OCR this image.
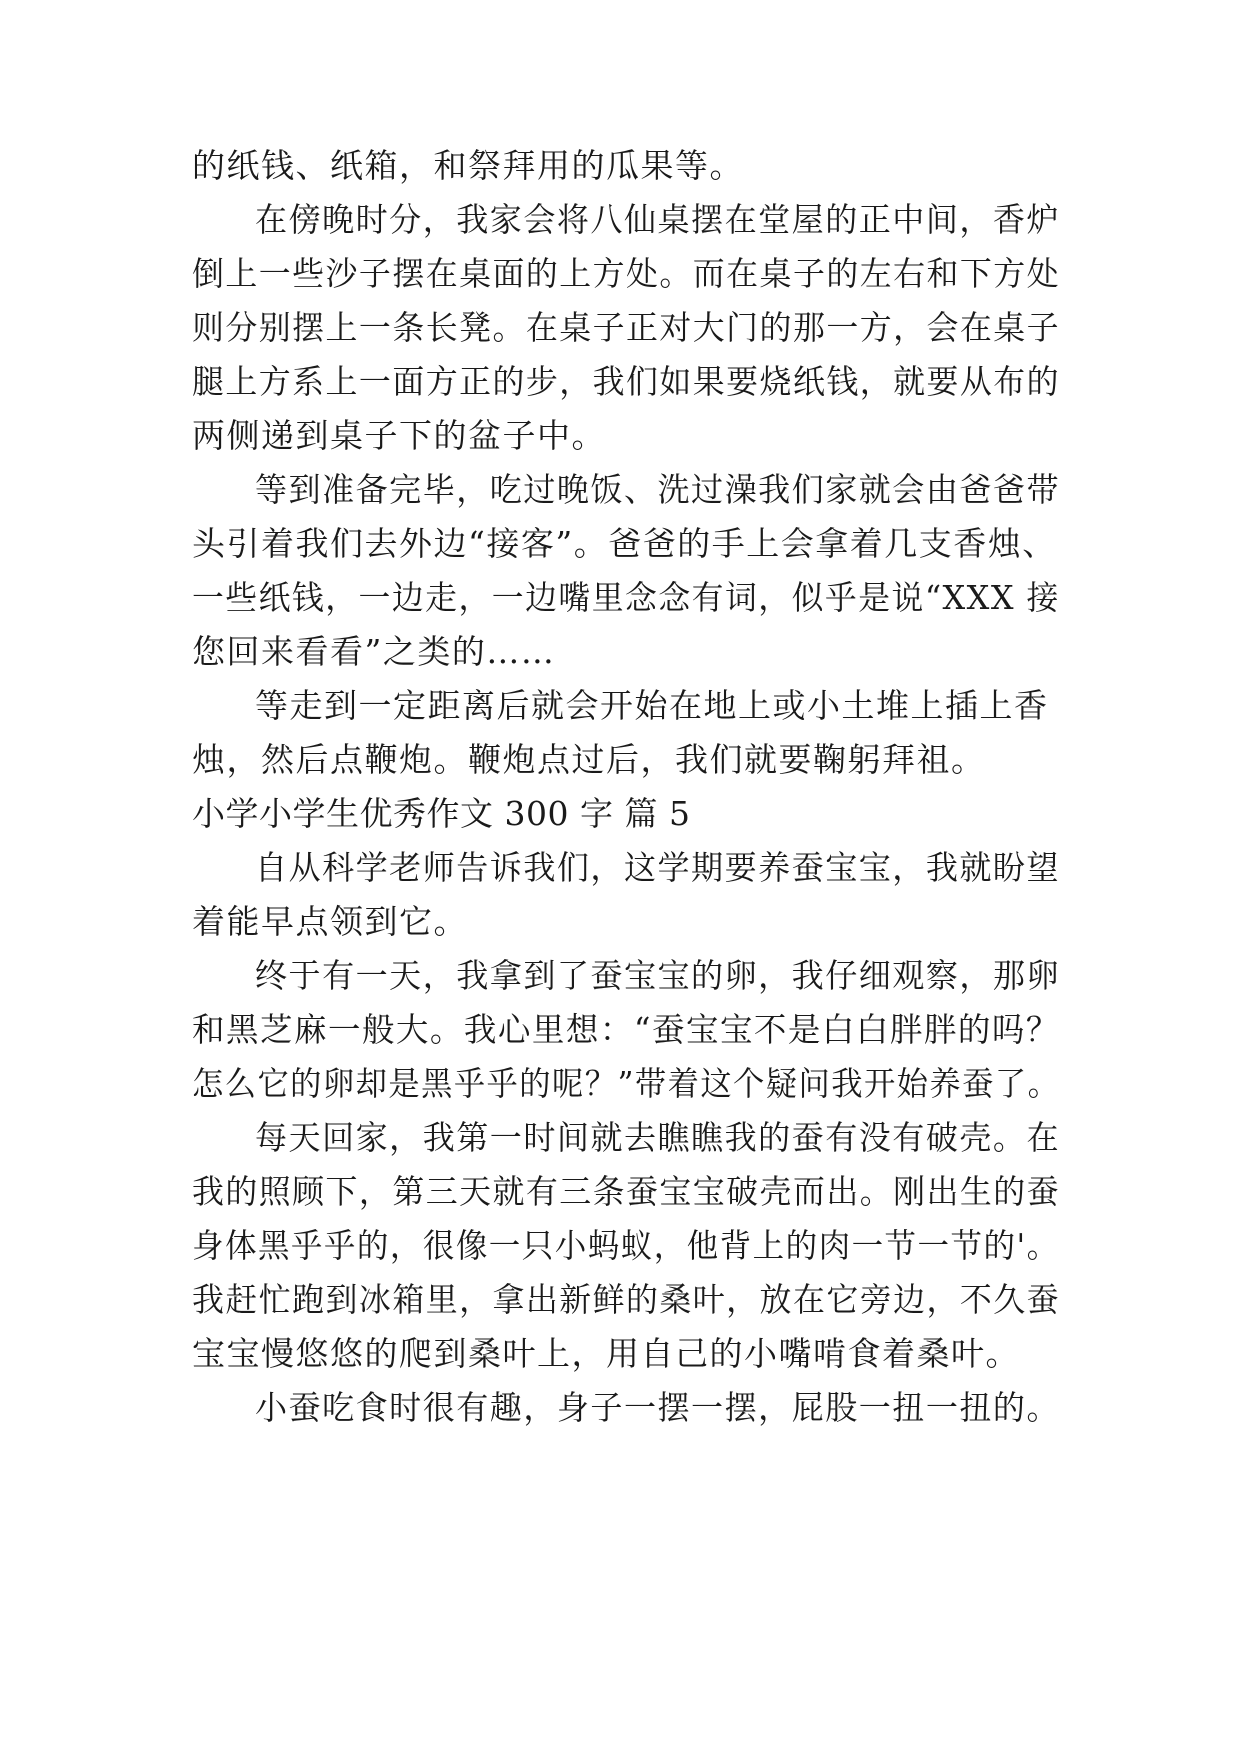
的纸钱、纸箱，和祭拜用的瓜果等。
在傍晚时分，我家会将八仙桌摆在堂屋的正中间，香炉
倒上一些沙子摆在桌面的上方处。而在桌子的左右和下方处
则分别摆上一条长凳。在桌子正对大门的那一方，会在桌子
腿上方系上一面方正的步，我们如果要烧纸钱，就要从布的
两侧递到桌子下的盆子中。
等到准备完毕，吃过晚饭、洗过澡我们家就会由爸爸带
头引着我们去外边“接客”。爸爸的手上会拿着几支香烛、
一些纸钱，一边走，一边嘴里念念有词，似乎是说“XXX 接
您回来看看”之类的……
等走到一定距离后就会开始在地上或小土堆上插上香
烛，然后点鞭炮。鞭炮点过后，我们就要鞠躬拜祖。
小学小学生优秀作文 300 字 篇 5
自从科学老师告诉我们，这学期要养蚕宝宝，我就盼望
着能早点领到它。
终于有一天，我拿到了蚕宝宝的卵，我仔细观察，那卵
和黑芝麻一般大。我心里想：“蚕宝宝不是白白胖胖的吗？
怎么它的卵却是黑乎乎的呢？”带着这个疑问我开始养蚕了。
每天回家，我第一时间就去瞧瞧我的蚕有没有破壳。在
我的照顾下，第三天就有三条蚕宝宝破壳而出。刚出生的蚕
身体黑乎乎的，很像一只小蚂蚁，他背上的肉一节一节的'。
我赶忙跑到冰箱里，拿出新鲜的桑叶，放在它旁边，不久蚕
宝宝慢悠悠的爬到桑叶上，用自己的小嘴啃食着桑叶。
小蚕吃食时很有趣，身子一摆一摆，屁股一扭一扭的。
